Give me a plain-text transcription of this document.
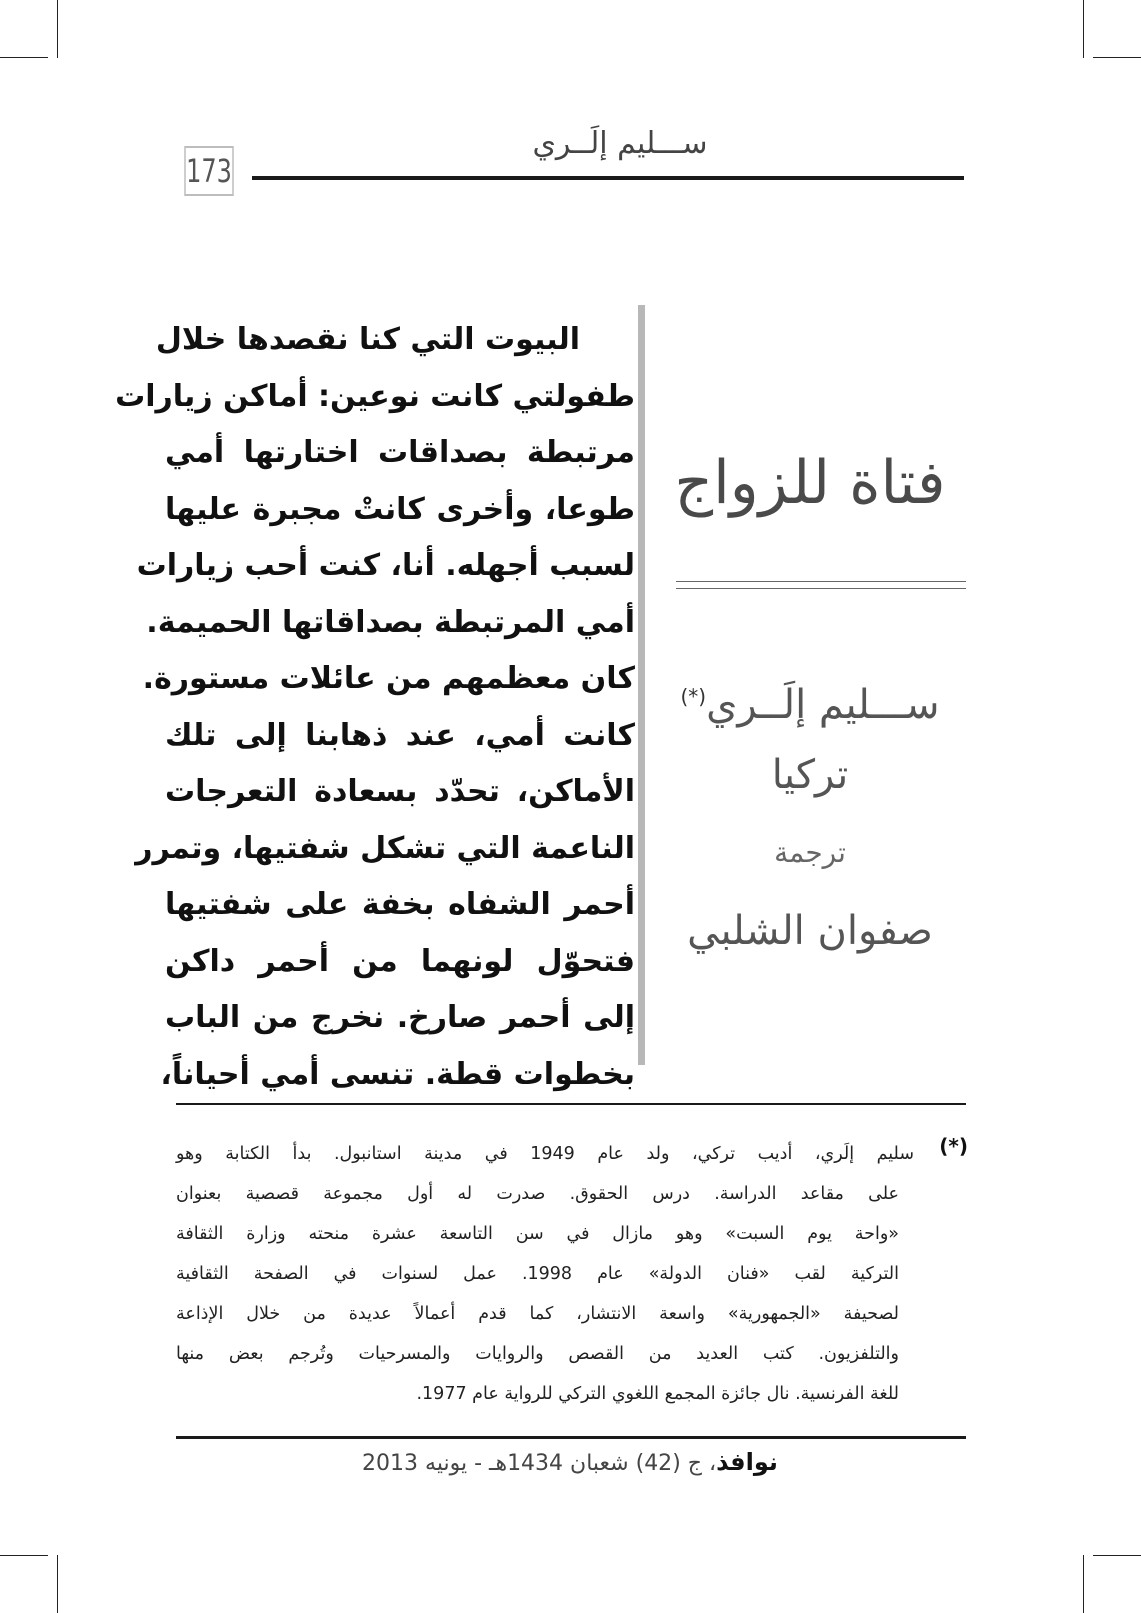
173
ســـليم إلَــري
البيوت التي كنا نقصدها خلال
طفولتي كانت نوعين: أماكن زيارات
مرتبطة بصداقات اختارتها أمي
طوعا، وأخرى كانتْ مجبرة عليها
لسبب أجهله. أنا، كنت أحب زيارات
أمي المرتبطة بصداقاتها الحميمة.
كان معظمهم من عائلات مستورة.
كانت أمي، عند ذهابنا إلى تلك
الأماكن، تحدّد بسعادة التعرجات
الناعمة التي تشكل شفتيها، وتمرر
أحمر الشفاه بخفة على شفتيها
فتحوّل لونهما من أحمر داكن
إلى أحمر صارخ. نخرج من الباب
بخطوات قطة. تنسى أمي أحياناً،
فتاة للزواج
ســـليم إلَــري(*)
تركيا
ترجمة
صفوان الشلبي
(*)
سليم إلَري، أديب تركي، ولد عام 1949 في مدينة استانبول. بدأ الكتابة وهو
على مقاعد الدراسة. درس الحقوق. صدرت له أول مجموعة قصصية بعنوان
«واحة يوم السبت» وهو مازال في سن التاسعة عشرة منحته وزارة الثقافة
التركية لقب «فنان الدولة» عام 1998. عمل لسنوات في الصفحة الثقافية
لصحيفة «الجمهورية» واسعة الانتشار، كما قدم أعمالاً عديدة من خلال الإذاعة
والتلفزيون. كتب العديد من القصص والروايات والمسرحيات وتُرجم بعض منها
للغة الفرنسية. نال جائزة المجمع اللغوي التركي للرواية عام 1977.
نوافذ، ج (42) شعبان 1434هـ - يونيه 2013
